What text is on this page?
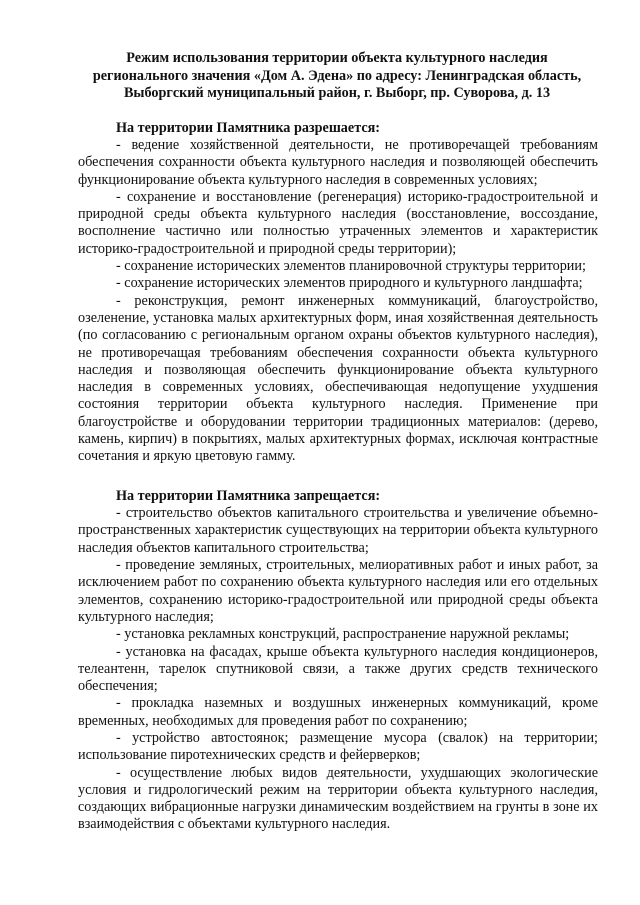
Режим использования территории объекта культурного наследия
регионального значения «Дом А. Эдена» по адресу: Ленинградская область,
Выборгский муниципальный район, г. Выборг, пр. Суворова, д. 13

На территории Памятника разрешается:

- ведение хозяйственной деятельности, не противоречащей требованиям обеспечения сохранности объекта культурного наследия и позволяющей обеспечить функционирование объекта культурного наследия в современных условиях;

- сохранение и восстановление (регенерация) историко-градостроительной и природной среды объекта культурного наследия (восстановление, воссоздание, восполнение частично или полностью утраченных элементов и характеристик историко-градостроительной и природной среды территории);

- сохранение исторических элементов планировочной структуры территории;

- сохранение исторических элементов природного и культурного ландшафта;

- реконструкция, ремонт инженерных коммуникаций, благоустройство, озеленение, установка малых архитектурных форм, иная хозяйственная деятельность (по согласованию с региональным органом охраны объектов культурного наследия), не противоречащая требованиям обеспечения сохранности объекта культурного наследия и позволяющая обеспечить функционирование объекта культурного наследия в современных условиях, обеспечивающая недопущение ухудшения состояния территории объекта культурного наследия. Применение при благоустройстве и оборудовании территории традиционных материалов: (дерево, камень, кирпич) в покрытиях, малых архитектурных формах, исключая контрастные сочетания и яркую цветовую гамму.

На территории Памятника запрещается:

- строительство объектов капитального строительства и увеличение объемно-пространственных характеристик существующих на территории объекта культурного наследия объектов капитального строительства;

- проведение земляных, строительных, мелиоративных работ и иных работ, за исключением работ по сохранению объекта культурного наследия или его отдельных элементов, сохранению историко-градостроительной или природной среды объекта культурного наследия;

- установка рекламных конструкций, распространение наружной рекламы;

- установка на фасадах, крыше объекта культурного наследия кондиционеров, телеантенн, тарелок спутниковой связи, а также других средств технического обеспечения;

- прокладка наземных и воздушных инженерных коммуникаций, кроме временных, необходимых для проведения работ по сохранению;

- устройство автостоянок; размещение мусора (свалок) на территории; использование пиротехнических средств и фейерверков;

- осуществление любых видов деятельности, ухудшающих экологические условия и гидрологический режим на территории объекта культурного наследия, создающих вибрационные нагрузки динамическим воздействием на грунты в зоне их взаимодействия с объектами культурного наследия.
